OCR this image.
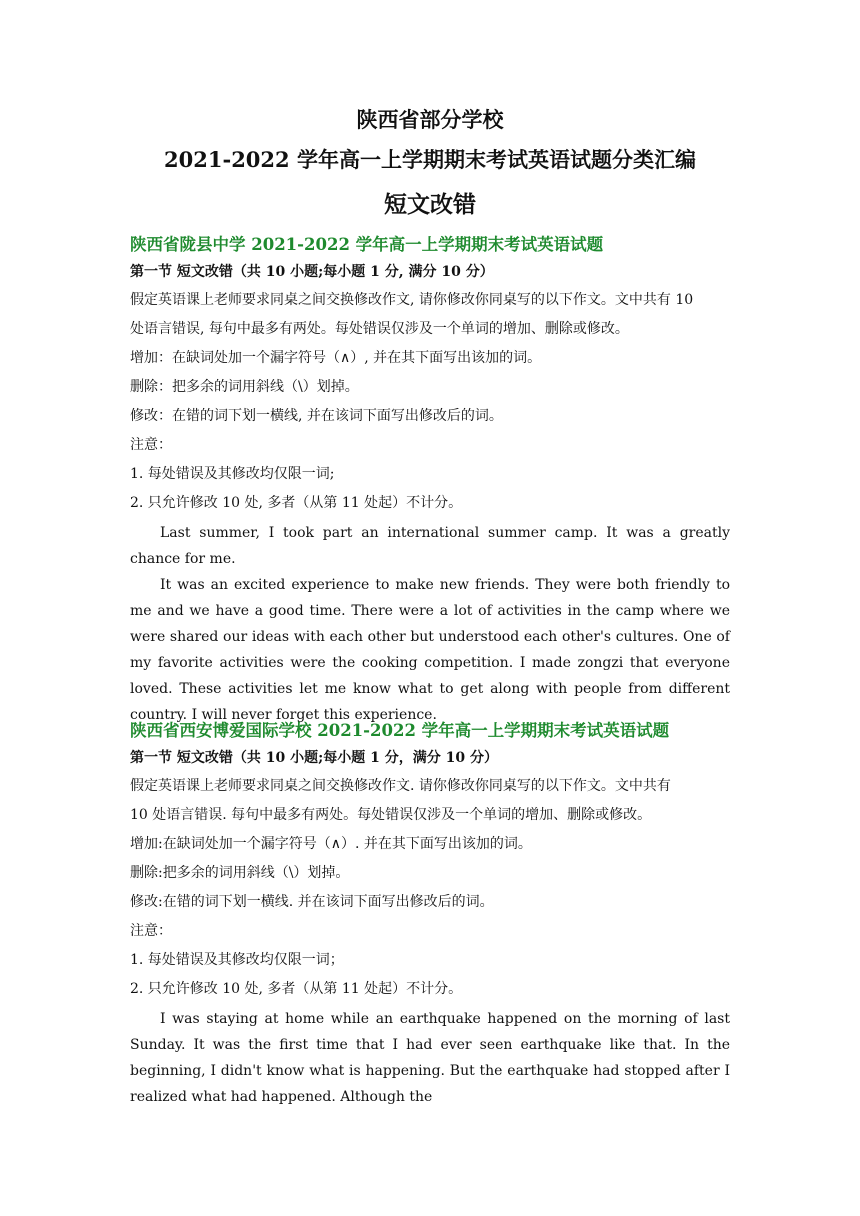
陕西省部分学校
2021-2022 学年高一上学期期末考试英语试题分类汇编
短文改错
陕西省陇县中学 2021-2022 学年高一上学期期末考试英语试题
第一节 短文改错（共 10 小题;每小题 1 分, 满分 10 分）
假定英语课上老师要求同桌之间交换修改作文, 请你修改你同桌写的以下作文。文中共有 10
处语言错误, 每句中最多有两处。每处错误仅涉及一个单词的增加、删除或修改。
增加：在缺词处加一个漏字符号（∧）, 并在其下面写出该加的词。
删除：把多余的词用斜线（\）划掉。
修改：在错的词下划一横线, 并在该词下面写出修改后的词。
注意：
1. 每处错误及其修改均仅限一词;
2. 只允许修改 10 处, 多者（从第 11 处起）不计分。

Last summer, I took part an international summer camp. It was a greatly chance for me.

It was an excited experience to make new friends. They were both friendly to me and we have a good time. There were a lot of activities in the camp where we were shared our ideas with each other but understood each other's cultures. One of my favorite activities were the cooking competition. I made zongzi that everyone loved. These activities let me know what to get along with people from different country. I will never forget this experience.

陕西省西安博爱国际学校 2021-2022 学年高一上学期期末考试英语试题
第一节 短文改错（共 10 小题;每小题 1 分，满分 10 分）
假定英语课上老师要求同桌之间交换修改作文. 请你修改你同桌写的以下作文。文中共有
10 处语言错误. 每句中最多有两处。每处错误仅涉及一个单词的增加、删除或修改。
增加:在缺词处加一个漏字符号（∧）. 并在其下面写出该加的词。
删除:把多余的词用斜线（\）划掉。
修改:在错的词下划一横线. 并在该词下面写出修改后的词。
注意：
1. 每处错误及其修改均仅限一词；
2. 只允许修改 10 处, 多者（从第 11 处起）不计分。

I was staying at home while an earthquake happened on the morning of last Sunday. It was the first time that I had ever seen earthquake like that. In the beginning, I didn't know what is happening. But the earthquake had stopped after I realized what had happened. Although the
